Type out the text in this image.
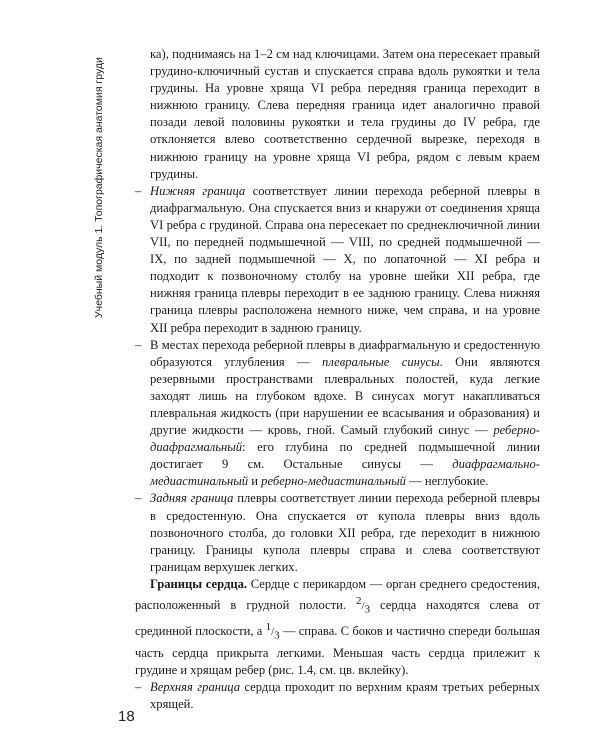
Учебный модуль 1. Топографическая анатомия груди

ка), поднимаясь на 1–2 см над ключицами. Затем она пересекает правый грудино-ключичный сустав и спускается справа вдоль рукоятки и тела грудины. На уровне хряща VI ребра передняя граница переходит в нижнюю границу. Слева передняя граница идет аналогично правой позади левой половины рукоятки и тела грудины до IV ребра, где отклоняется влево соответственно сердечной вырезке, переходя в нижнюю границу на уровне хряща VI ребра, рядом с левым краем грудины.

– Нижняя граница соответствует линии перехода реберной плевры в диафрагмальную. Она спускается вниз и кнаружи от соединения хряща VI ребра с грудиной. Справа она пересекает по среднеключичной линии VII, по передней подмышечной — VIII, по средней подмышечной — IX, по задней подмышечной — X, по лопаточной — XI ребра и подходит к позвоночному столбу на уровне шейки XII ребра, где нижняя граница плевры переходит в ее заднюю границу. Слева нижняя граница плевры расположена немного ниже, чем справа, и на уровне XII ребра переходит в заднюю границу.
– В местах перехода реберной плевры в диафрагмальную и средостенную образуются углубления — плевральные синусы. Они являются резервными пространствами плевральных полостей, куда легкие заходят лишь на глубоком вдохе. В синусах могут накапливаться плевральная жидкость (при нарушении ее всасывания и образования) и другие жидкости — кровь, гной. Самый глубокий синус — реберно-диафрагмальный: его глубина по средней подмышечной линии достигает 9 см. Остальные синусы — диафрагмально-медиастинальный и реберно-медиастинальный — неглубокие.
– Задняя граница плевры соответствует линии перехода реберной плевры в средостенную. Она спускается от купола плевры вниз вдоль позвоночного столба, до головки XII ребра, где переходит в нижнюю границу. Границы купола плевры справа и слева соответствуют границам верхушек легких.

Границы сердца. Сердце с перикардом — орган среднего средостения, расположенный в грудной полости. $^2/_3$ сердца находятся слева от срединной плоскости, а $^1/_3$ — справа. С боков и частично спереди большая часть сердца прикрыта легкими. Меньшая часть сердца прилежит к грудине и хрящам ребер (рис. 1.4, см. цв. вклейку).

– Верхняя граница сердца проходит по верхним краям третьих реберных хрящей.
18
